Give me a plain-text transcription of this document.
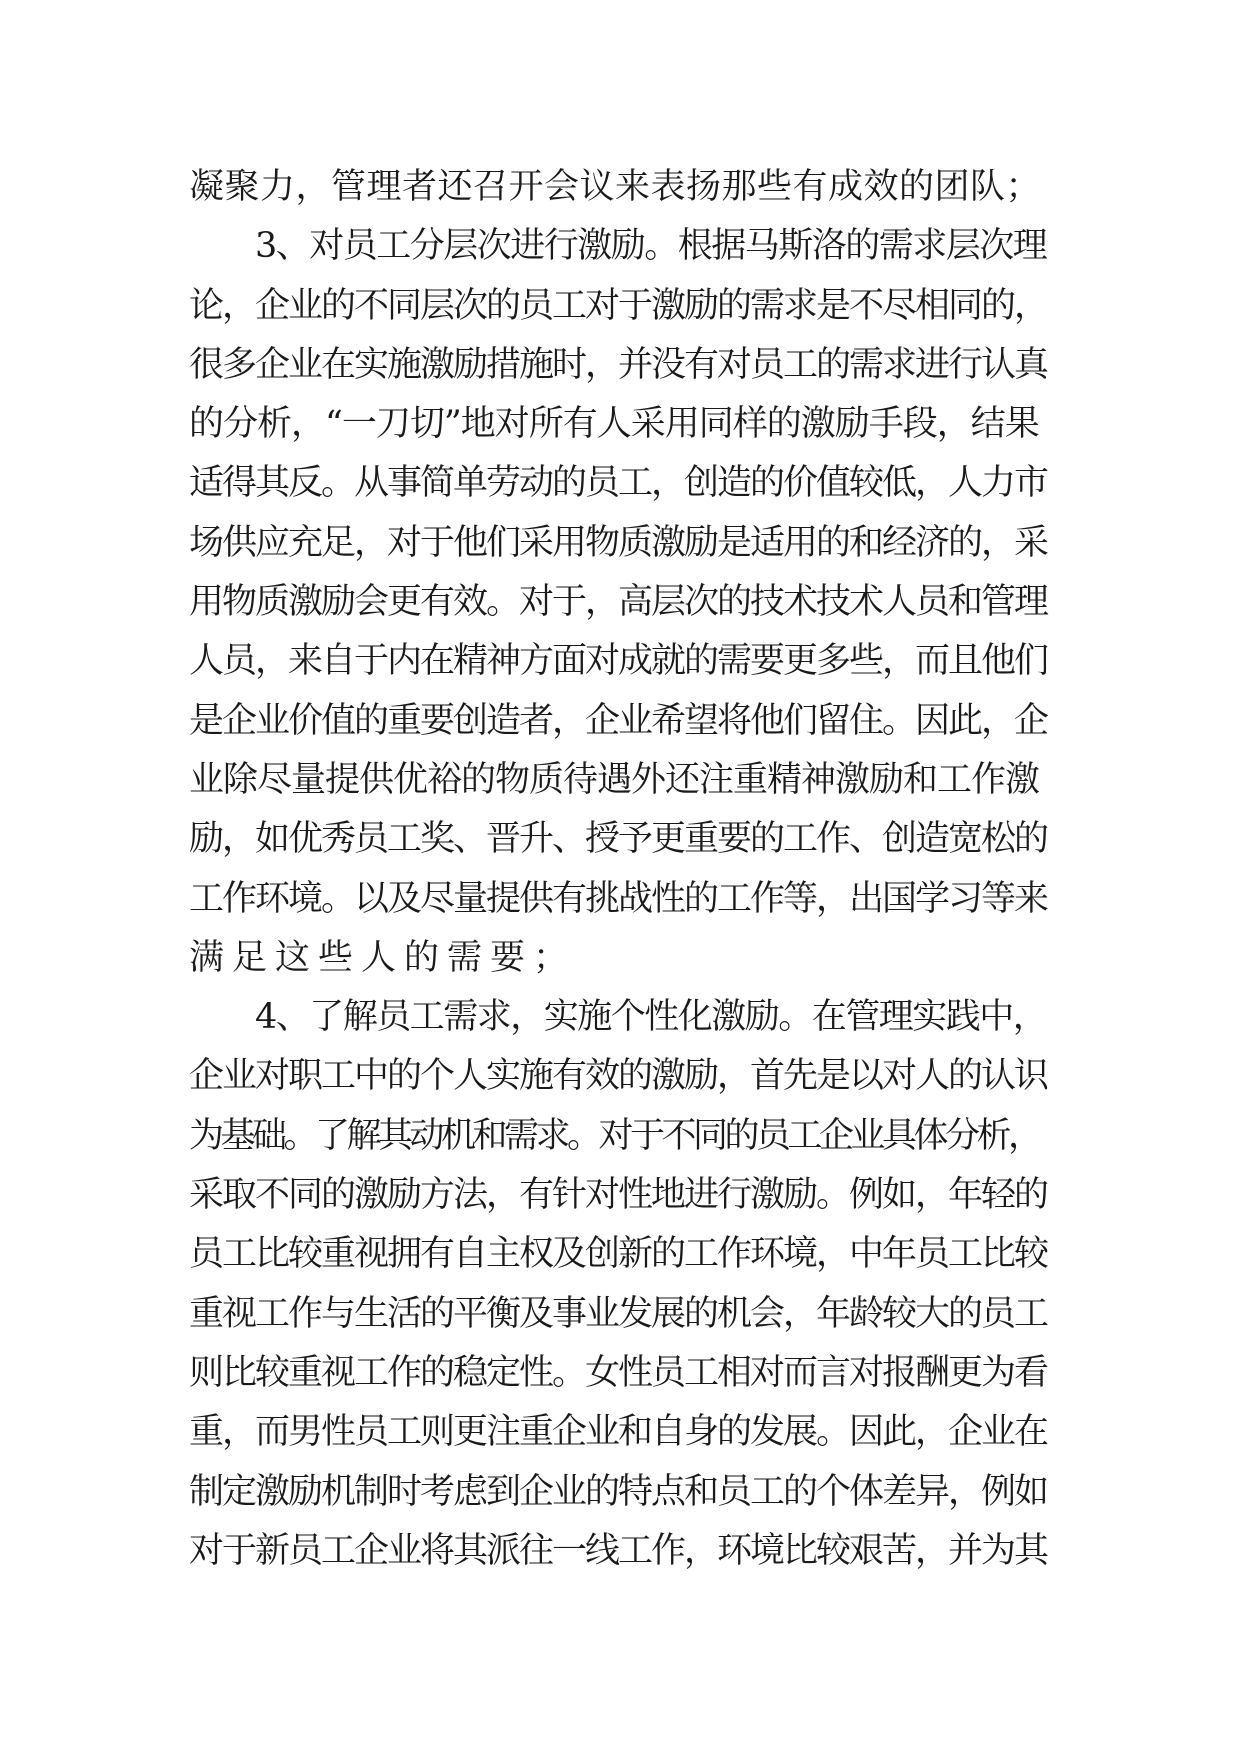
凝聚力，管理者还召开会议来表扬那些有成效的团队；
3、对员工分层次进行激励。根据马斯洛的需求层次理
论，企业的不同层次的员工对于激励的需求是不尽相同的，
很多企业在实施激励措施时，并没有对员工的需求进行认真
的分析，“一刀切”地对所有人采用同样的激励手段，结果
适得其反。从事简单劳动的员工，创造的价值较低，人力市
场供应充足，对于他们采用物质激励是适用的和经济的，采
用物质激励会更有效。对于，高层次的技术技术人员和管理
人员，来自于内在精神方面对成就的需要更多些，而且他们
是企业价值的重要创造者，企业希望将他们留住。因此，企
业除尽量提供优裕的物质待遇外还注重精神激励和工作激
励，如优秀员工奖、晋升、授予更重要的工作、创造宽松的
工作环境。以及尽量提供有挑战性的工作等，出国学习等来
满足这些人的需要；
4、了解员工需求，实施个性化激励。在管理实践中，
企业对职工中的个人实施有效的激励，首先是以对人的认识
为基础。了解其动机和需求。对于不同的员工企业具体分析，
采取不同的激励方法，有针对性地进行激励。例如，年轻的
员工比较重视拥有自主权及创新的工作环境，中年员工比较
重视工作与生活的平衡及事业发展的机会，年龄较大的员工
则比较重视工作的稳定性。女性员工相对而言对报酬更为看
重，而男性员工则更注重企业和自身的发展。因此，企业在
制定激励机制时考虑到企业的特点和员工的个体差异，例如
对于新员工企业将其派往一线工作，环境比较艰苦，并为其
